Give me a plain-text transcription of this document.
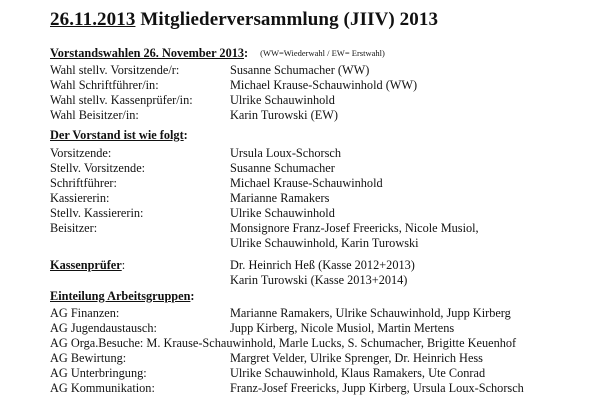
26.11.2013 Mitgliederversammlung (JIIV) 2013
Vorstandswahlen 26. November 2013: (WW=Wiederwahl / EW= Erstwahl)
Wahl stellv. Vorsitzende/r:	Susanne Schumacher (WW)
Wahl Schriftführer/in:	Michael Krause-Schauwinhold (WW)
Wahl stellv. Kassenprüfer/in:	Ulrike Schauwinhold
Wahl Beisitzer/in:	Karin Turowski (EW)
Der Vorstand ist wie folgt:
Vorsitzende:	Ursula Loux-Schorsch
Stellv. Vorsitzende:	Susanne Schumacher
Schriftführer:	Michael Krause-Schauwinhold
Kassiererin:	Marianne Ramakers
Stellv. Kassiererin:	Ulrike Schauwinhold
Beisitzer:	Monsignore Franz-Josef Freericks, Nicole Musiol,
Ulrike Schauwinhold, Karin Turowski
Kassenprüfer:	Dr. Heinrich Heß (Kasse 2012+2013)
Karin Turowski (Kasse 2013+2014)
Einteilung Arbeitsgruppen:
AG Finanzen:	Marianne Ramakers, Ulrike Schauwinhold, Jupp Kirberg
AG Jugendaustausch:	Jupp Kirberg, Nicole Musiol, Martin Mertens
AG Orga.Besuche: M. Krause-Schauwinhold, Marle Lucks, S. Schumacher, Brigitte Keuenhof
AG Bewirtung:	Margret Velder, Ulrike Sprenger, Dr. Heinrich Hess
AG Unterbringung:	Ulrike Schauwinhold, Klaus Ramakers, Ute Conrad
AG Kommunikation:	Franz-Josef Freericks, Jupp Kirberg, Ursula Loux-Schorsch
